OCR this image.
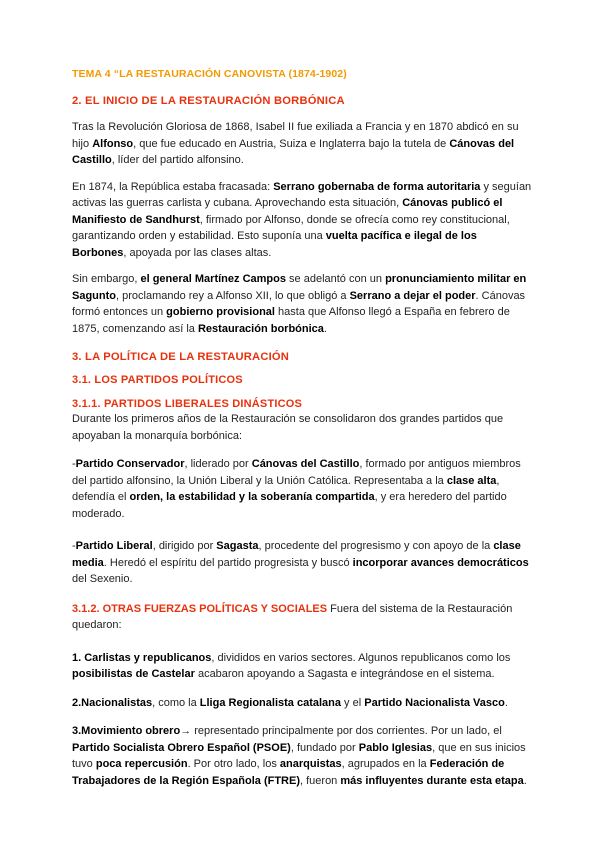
TEMA 4 “LA RESTAURACIÓN CANOVISTA (1874-1902)
2. EL INICIO DE LA RESTAURACIÓN BORBÓNICA

Tras la Revolución Gloriosa de 1868, Isabel II fue exiliada a Francia y en 1870 abdicó en su hijo Alfonso, que fue educado en Austria, Suiza e Inglaterra bajo la tutela de Cánovas del Castillo, líder del partido alfonsino.

En 1874, la República estaba fracasada: Serrano gobernaba de forma autoritaria y seguían activas las guerras carlista y cubana. Aprovechando esta situación, Cánovas publicó el Manifiesto de Sandhurst, firmado por Alfonso, donde se ofrecía como rey constitucional, garantizando orden y estabilidad. Esto suponía una vuelta pacífica e ilegal de los Borbones, apoyada por las clases altas.

Sin embargo, el general Martínez Campos se adelantó con un pronunciamiento militar en Sagunto, proclamando rey a Alfonso XII, lo que obligó a Serrano a dejar el poder. Cánovas formó entonces un gobierno provisional hasta que Alfonso llegó a España en febrero de 1875, comenzando así la Restauración borbónica.

3. LA POLÍTICA DE LA RESTAURACIÓN
3.1. LOS PARTIDOS POLÍTICOS
3.1.1. PARTIDOS LIBERALES DINÁSTICOS

Durante los primeros años de la Restauración se consolidaron dos grandes partidos que apoyaban la monarquía borbónica:

-Partido Conservador, liderado por Cánovas del Castillo, formado por antiguos miembros del partido alfonsino, la Unión Liberal y la Unión Católica. Representaba a la clase alta, defendía el orden, la estabilidad y la soberanía compartida, y era heredero del partido moderado.

-Partido Liberal, dirigido por Sagasta, procedente del progresismo y con apoyo de la clase media. Heredó el espíritu del partido progresista y buscó incorporar avances democráticos del Sexenio.

3.1.2. OTRAS FUERZAS POLÍTICAS Y SOCIALES Fuera del sistema de la Restauración quedaron:

1. Carlistas y republicanos, divididos en varios sectores. Algunos republicanos como los posibilistas de Castelar acabaron apoyando a Sagasta e integrándose en el sistema.

2.Nacionalistas, como la Lliga Regionalista catalana y el Partido Nacionalista Vasco.

3.Movimiento obrero→ representado principalmente por dos corrientes. Por un lado, el Partido Socialista Obrero Español (PSOE), fundado por Pablo Iglesias, que en sus inicios tuvo poca repercusión. Por otro lado, los anarquistas, agrupados en la Federación de Trabajadores de la Región Española (FTRE), fueron más influyentes durante esta etapa.
